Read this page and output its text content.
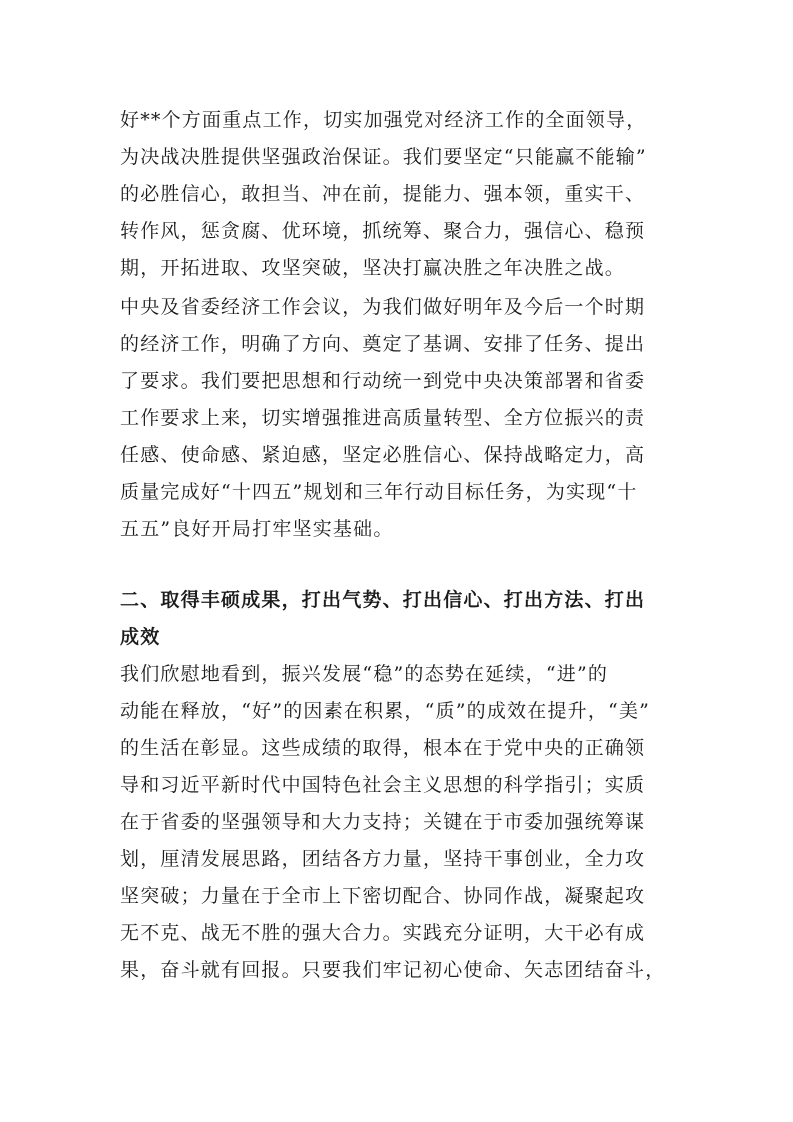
好**个方面重点工作，切实加强党对经济工作的全面领导，
为决战决胜提供坚强政治保证。我们要坚定“只能赢不能输”
的必胜信心，敢担当、冲在前，提能力、强本领，重实干、
转作风，惩贪腐、优环境，抓统筹、聚合力，强信心、稳预
期，开拓进取、攻坚突破，坚决打赢决胜之年决胜之战。
中央及省委经济工作会议，为我们做好明年及今后一个时期
的经济工作，明确了方向、奠定了基调、安排了任务、提出
了要求。我们要把思想和行动统一到党中央决策部署和省委
工作要求上来，切实增强推进高质量转型、全方位振兴的责
任感、使命感、紧迫感，坚定必胜信心、保持战略定力，高
质量完成好“十四五”规划和三年行动目标任务，为实现“十
五五”良好开局打牢坚实基础。
二、取得丰硕成果，打出气势、打出信心、打出方法、打出
成效
我们欣慰地看到，振兴发展“稳”的态势在延续，“进”的
动能在释放，“好”的因素在积累，“质”的成效在提升，“美”
的生活在彰显。这些成绩的取得，根本在于党中央的正确领
导和习近平新时代中国特色社会主义思想的科学指引；实质
在于省委的坚强领导和大力支持；关键在于市委加强统筹谋
划，厘清发展思路，团结各方力量，坚持干事创业，全力攻
坚突破；力量在于全市上下密切配合、协同作战，凝聚起攻
无不克、战无不胜的强大合力。实践充分证明，大干必有成
果，奋斗就有回报。只要我们牢记初心使命、矢志团结奋斗，
